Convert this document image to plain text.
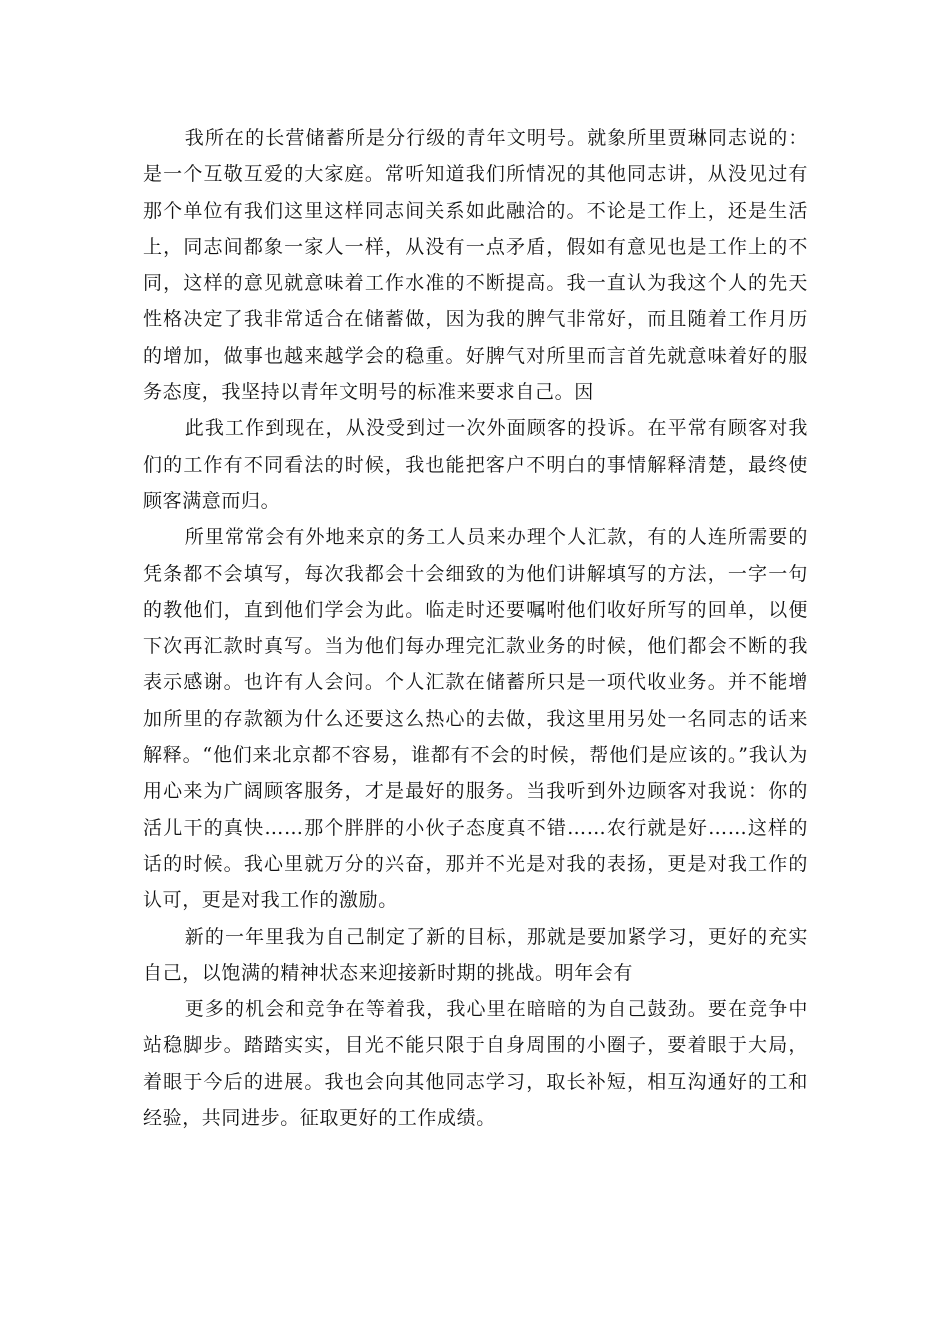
我所在的长营储蓄所是分行级的青年文明号。就象所里贾琳同志说的：是一个互敬互爱的大家庭。常听知道我们所情况的其他同志讲，从没见过有那个单位有我们这里这样同志间关系如此融洽的。不论是工作上，还是生活上，同志间都象一家人一样，从没有一点矛盾，假如有意见也是工作上的不同，这样的意见就意味着工作水准的不断提高。我一直认为我这个人的先天性格决定了我非常适合在储蓄做，因为我的脾气非常好，而且随着工作月历的增加，做事也越来越学会的稳重。好脾气对所里而言首先就意味着好的服务态度，我坚持以青年文明号的标准来要求自己。因

此我工作到现在，从没受到过一次外面顾客的投诉。在平常有顾客对我们的工作有不同看法的时候，我也能把客户不明白的事情解释清楚，最终使顾客满意而归。

所里常常会有外地来京的务工人员来办理个人汇款，有的人连所需要的凭条都不会填写，每次我都会十会细致的为他们讲解填写的方法，一字一句的教他们，直到他们学会为此。临走时还要嘱咐他们收好所写的回单，以便下次再汇款时真写。当为他们每办理完汇款业务的时候，他们都会不断的我表示感谢。也许有人会问。个人汇款在储蓄所只是一项代收业务。并不能增加所里的存款额为什么还要这么热心的去做，我这里用另处一名同志的话来解释。“他们来北京都不容易，谁都有不会的时候，帮他们是应该的。”我认为用心来为广阔顾客服务，才是最好的服务。当我听到外边顾客对我说：你的活儿干的真快……那个胖胖的小伙子态度真不错……农行就是好……这样的话的时候。我心里就万分的兴奋，那并不光是对我的表扬，更是对我工作的认可，更是对我工作的激励。

新的一年里我为自己制定了新的目标，那就是要加紧学习，更好的充实自己，以饱满的精神状态来迎接新时期的挑战。明年会有

更多的机会和竞争在等着我，我心里在暗暗的为自己鼓劲。要在竞争中站稳脚步。踏踏实实，目光不能只限于自身周围的小圈子，要着眼于大局，着眼于今后的进展。我也会向其他同志学习，取长补短，相互沟通好的工和经验，共同进步。征取更好的工作成绩。
